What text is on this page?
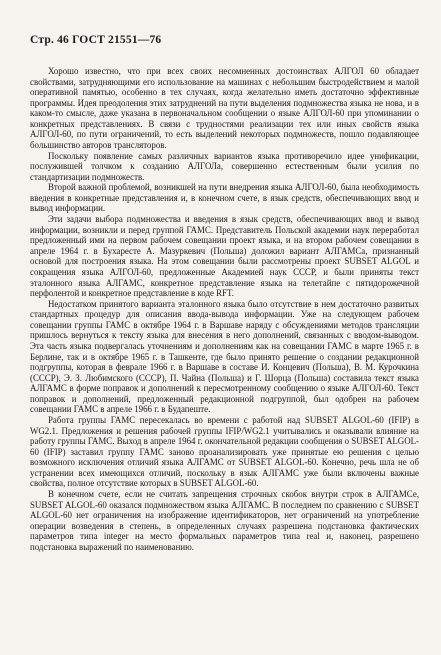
Стр. 46 ГОСТ 21551—76

Хорошо известно, что при всех своих несомненных достоинствах АЛГОЛ 60 обладает свойствами, затрудняющими его использование на машинах с небольшим быстродействием и малой оперативной памятью, особенно в тех случаях, когда желательно иметь достаточно эффективные программы. Идея преодоления этих затруднений на пути выделения подмножества языка не нова, и в каком-то смысле, даже указана в первоначальном сообщении о языке АЛГОЛ-60 при упоминании о конкретных представлениях. В связи с трудностями реализации тех или иных свойств языка АЛГОЛ-60, по пути ограничений, то есть выделений некоторых подмножеств, пошло подавляющее большинство авторов трансляторов.

Поскольку появление самых различных вариантов языка противоречило идее унификации, послужившей толчком к созданию АЛГОЛа, совершенно естественным были усилия по стандартизации подмножеств.

Второй важной проблемой, возникшей на пути внедрения языка АЛГОЛ-60, была необходимость введения в конкретные представления и, в конечном счете, в язык средств, обеспечивающих ввод и вывод информации.

Эти задачи выбора подмножества и введения в язык средств, обеспечивающих ввод и вывод информации, возникли и перед группой ГАМС. Представитель Польской академии наук переработал предложенный ими на первом рабочем совещании проект языка, и на втором рабочем совещании в апреле 1964 г. в Бухаресте А. Мазуркевич (Польша) доложил вариант АЛГАМСа, признанный основой для построения языка. На этом совещании были рассмотрены проект SUBSET ALGOL и сокращения языка АЛГОЛ-60, предложенные Академией наук СССР, и были приняты текст эталонного языка АЛГАМС, конкретное представление языка на телетайпе с пятидорожечной перфолентой и конкретное представление в коде RFT.

Недостатком принятого варианта эталонного языка было отсутствие в нем достаточно развитых стандартных процедур для описания ввода-вывода информации. Уже на следующем рабочем совещании группы ГАМС в октябре 1964 г. в Варшаве наряду с обсуждениями методов трансляции пришлось вернуться к тексту языка для внесения в него дополнений, связанных с вводом-выводом. Эта часть языка подвергалась уточнениям и дополнениям как на совещании ГАМС в марте 1965 г. в Берлине, так и в октябре 1965 г. в Ташкенте, где было принято решение о создании редакционной подгруппы, которая в феврале 1966 г. в Варшаве в составе И. Концевич (Польша), В. М. Курочкина (СССР), Э. З. Любимского (СССР), П. Чайна (Польша) и Г. Шорца (Польша) составила текст языка АЛГАМС в форме поправок и дополнений к пересмотренному сообщению о языке АЛГОЛ-60. Текст поправок и дополнений, предложенный редакционной подгруппой, был одобрен на рабочем совещании ГАМС в апреле 1966 г. в Будапеште.

Работа группы ГАМС пересекалась во времени с работой над SUBSET ALGOL-60 (IFIP) в WG2.1. Предложения и решения рабочей группы IFIP/WG2.1 учитывались и оказывали влияние на работу группы ГАМС. Выход в апреле 1964 г. окончательной редакции сообщения о SUBSET ALGOL-60 (IFIP) заставил группу ГАМС заново проанализировать уже принятые ею решения с целью возможного исключения отличий языка АЛГАМС от SUBSET ALGOL-60. Конечно, речь шла не об устранении всех имеющихся отличий, поскольку в язык АЛГАМС уже были включены важные свойства, полное отсутствие которых в SUBSET ALGOL-60.

В конечном счете, если не считать запрещения строчных скобок внутри строк в АЛГАМСе, SUBSET ALGOL-60 оказался подмножеством языка АЛГАМС. В последнем по сравнению с SUBSET ALGOL-60 нет ограничения на изображение идентификаторов, нет ограничений на употребление операции возведения в степень, в определенных случаях разрешена подстановка фактических параметров типа integer на место формальных параметров типа real и, наконец, разрешено подстановка выражений по наименованию.
